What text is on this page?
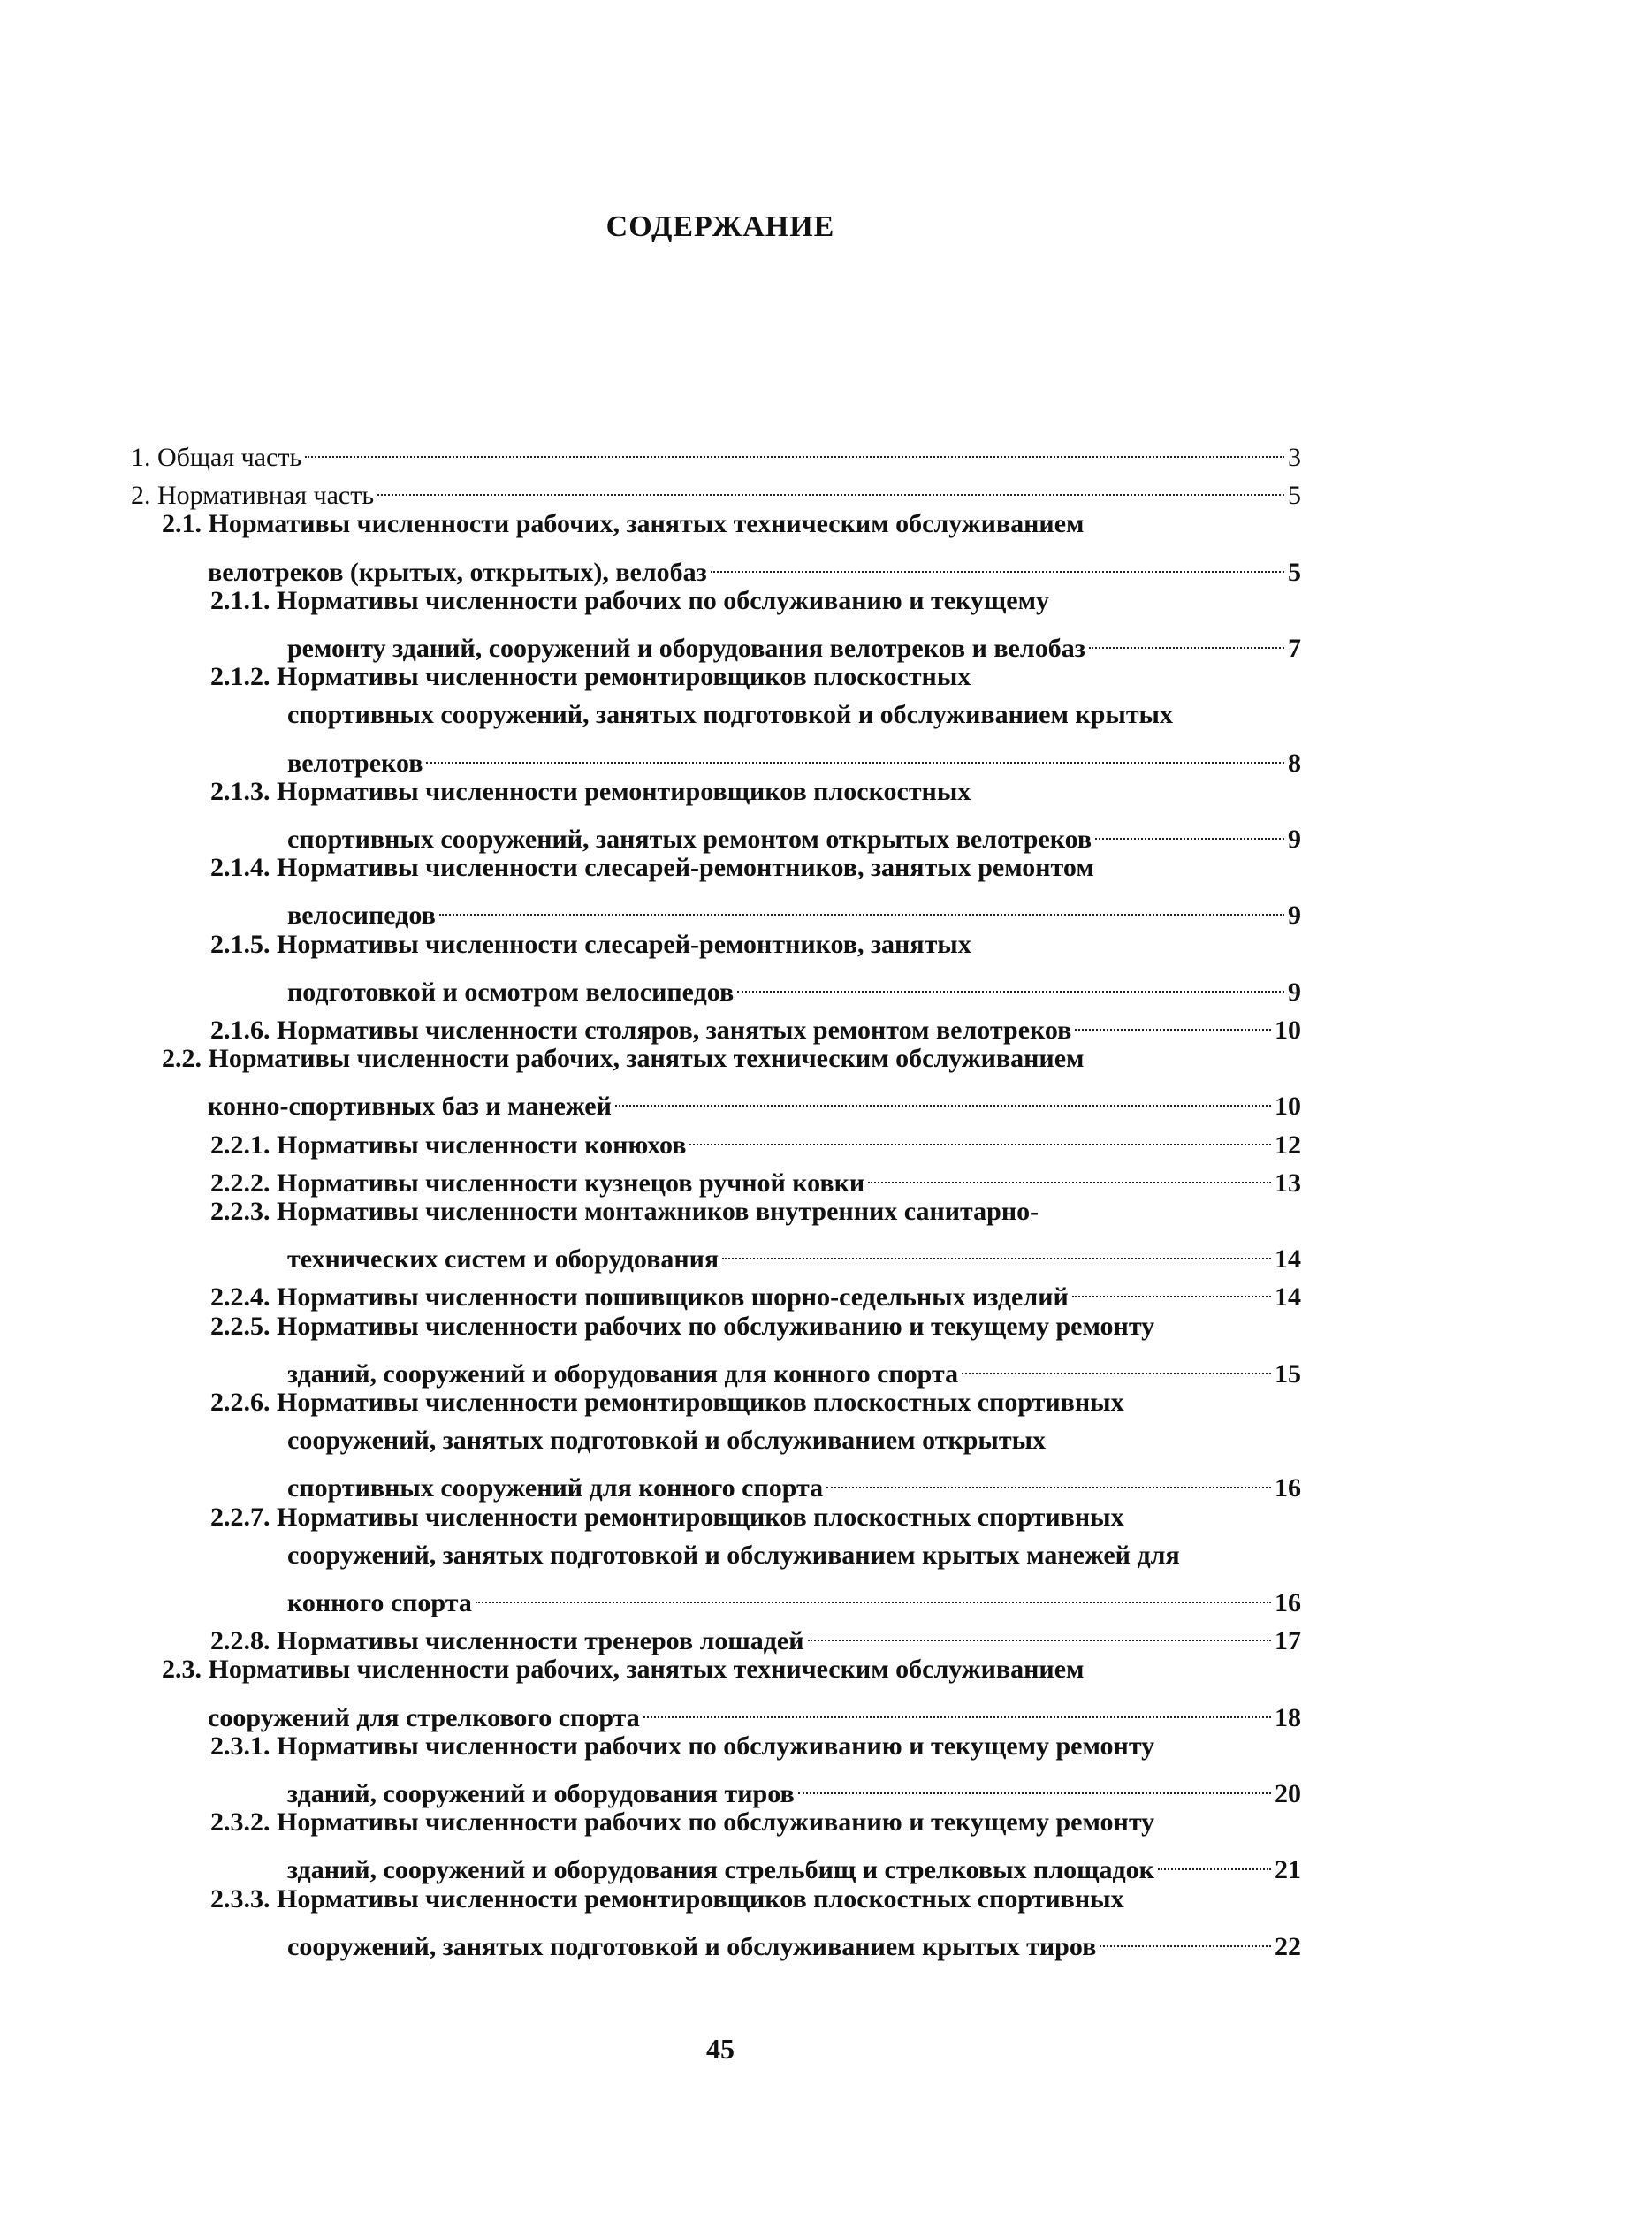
СОДЕРЖАНИЕ
1. Общая часть	3
2. Нормативная часть	5
2.1. Нормативы численности рабочих, занятых техническим обслуживанием
велотреков (крытых, открытых), велобаз	5
2.1.1. Нормативы численности рабочих по обслуживанию и текущему
ремонту зданий, сооружений и оборудования велотреков и велобаз	7
2.1.2. Нормативы численности ремонтировщиков плоскостных
спортивных сооружений, занятых подготовкой и обслуживанием крытых
велотреков	8
2.1.3. Нормативы численности ремонтировщиков плоскостных
спортивных сооружений, занятых ремонтом открытых велотреков	9
2.1.4. Нормативы численности слесарей-ремонтников, занятых ремонтом
велосипедов	9
2.1.5. Нормативы численности слесарей-ремонтников, занятых
подготовкой и осмотром велосипедов	9
2.1.6. Нормативы численности столяров, занятых ремонтом велотреков	10
2.2. Нормативы численности рабочих, занятых техническим обслуживанием
конно-спортивных баз и манежей	10
2.2.1. Нормативы численности конюхов	12
2.2.2. Нормативы численности кузнецов ручной ковки	13
2.2.3. Нормативы численности монтажников внутренних санитарно-
технических систем и оборудования	14
2.2.4. Нормативы численности пошивщиков шорно-седельных изделий	14
2.2.5. Нормативы численности рабочих по обслуживанию и текущему ремонту
зданий, сооружений и оборудования для конного спорта	15
2.2.6. Нормативы численности ремонтировщиков плоскостных спортивных
сооружений, занятых подготовкой и обслуживанием открытых
спортивных сооружений для конного спорта	16
2.2.7. Нормативы численности ремонтировщиков плоскостных спортивных
сооружений, занятых подготовкой и обслуживанием крытых манежей для
конного спорта	16
2.2.8. Нормативы численности тренеров лошадей	17
2.3. Нормативы численности рабочих, занятых техническим обслуживанием
сооружений для стрелкового спорта	18
2.3.1. Нормативы численности рабочих по обслуживанию и текущему ремонту
зданий, сооружений и оборудования тиров	20
2.3.2. Нормативы численности рабочих по обслуживанию и текущему ремонту
зданий, сооружений и оборудования стрельбищ и стрелковых площадок	21
2.3.3. Нормативы численности ремонтировщиков плоскостных спортивных
сооружений, занятых подготовкой и обслуживанием крытых тиров	22
45
